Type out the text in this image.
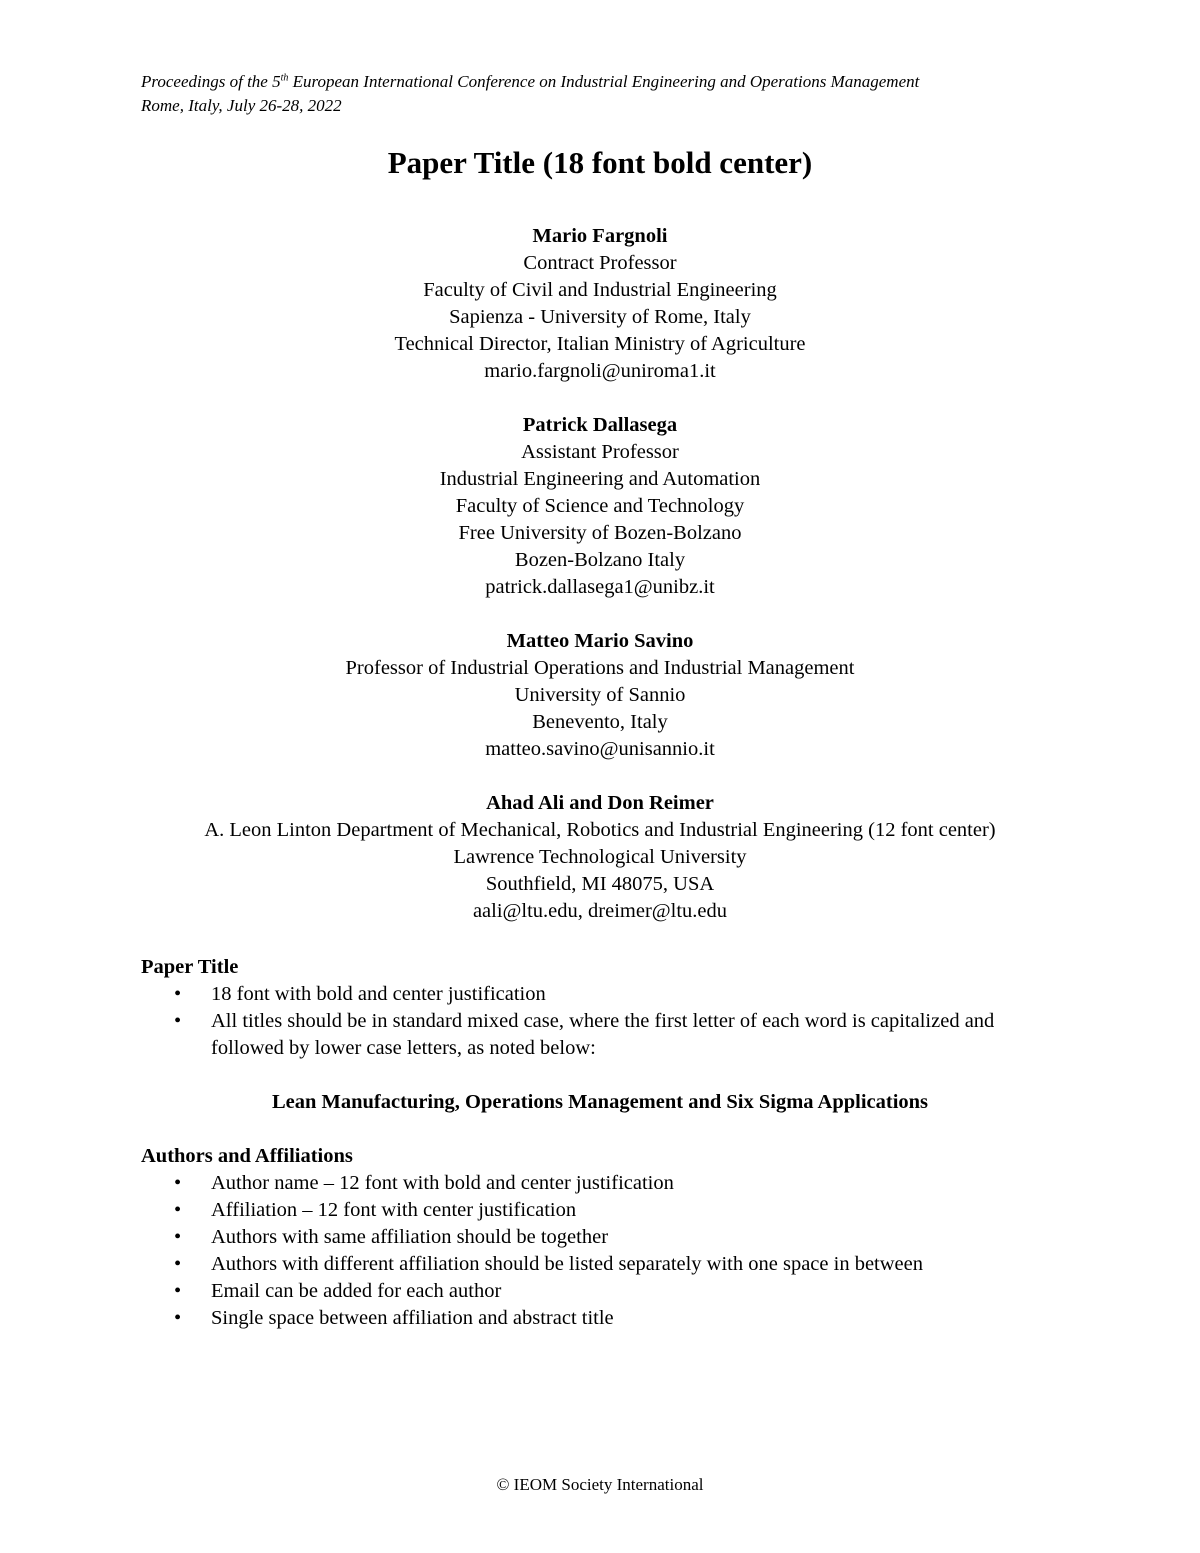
Proceedings of the 5th European International Conference on Industrial Engineering and Operations Management
Rome, Italy, July 26-28, 2022
Paper Title (18 font bold center)
Mario Fargnoli
Contract Professor
Faculty of Civil and Industrial Engineering
Sapienza - University of Rome, Italy
Technical Director, Italian Ministry of Agriculture
mario.fargnoli@uniroma1.it
Patrick Dallasega
Assistant Professor
Industrial Engineering and Automation
Faculty of Science and Technology
Free University of Bozen-Bolzano
Bozen-Bolzano Italy
patrick.dallasega1@unibz.it
Matteo Mario Savino
Professor of Industrial Operations and Industrial Management
University of Sannio
Benevento, Italy
matteo.savino@unisannio.it
Ahad Ali and Don Reimer
A. Leon Linton Department of Mechanical, Robotics and Industrial Engineering (12 font center)
Lawrence Technological University
Southfield, MI 48075, USA
aali@ltu.edu, dreimer@ltu.edu
Paper Title
• 18 font with bold and center justification
• All titles should be in standard mixed case, where the first letter of each word is capitalized and followed by lower case letters, as noted below:
Lean Manufacturing, Operations Management and Six Sigma Applications
Authors and Affiliations
• Author name – 12 font with bold and center justification
• Affiliation – 12 font with center justification
• Authors with same affiliation should be together
• Authors with different affiliation should be listed separately with one space in between
• Email can be added for each author
• Single space between affiliation and abstract title
© IEOM Society International
